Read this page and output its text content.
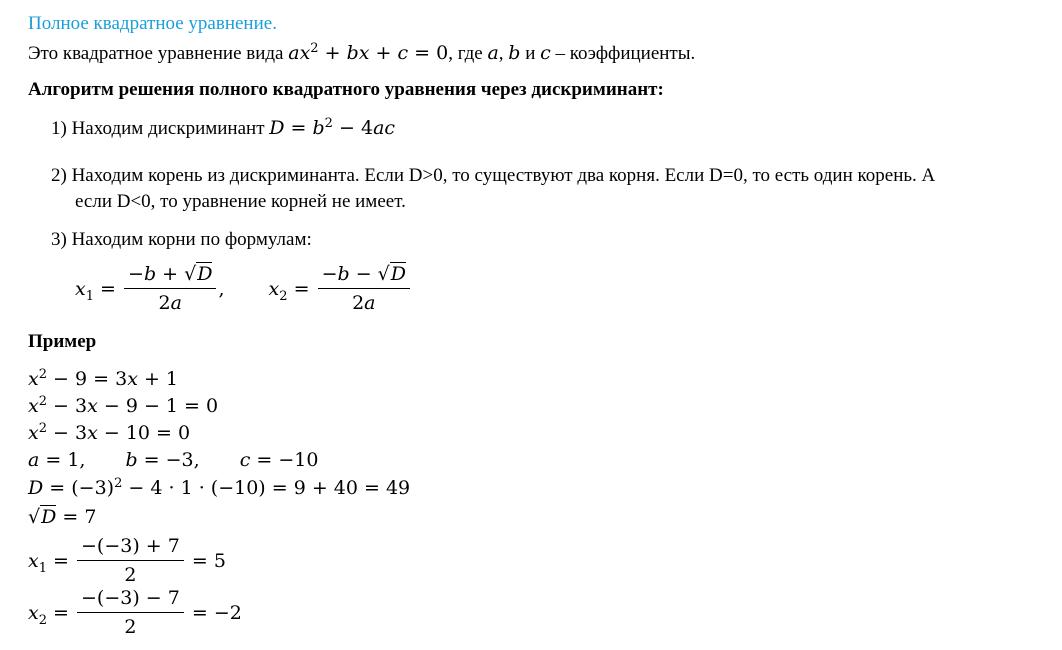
Полное квадратное уравнение.
Это квадратное уравнение вида $ax^2$ + bx + c = 0, где a, b и c – коэффициенты.
Алгоритм решения полного квадратного уравнения через дискриминант:
1) Находим дискриминант $D = b^2 - 4ac$
2) Находим корень из дискриминанта. Если D>0, то существуют два корня. Если D=0, то есть один корень. А
если D<0, то уравнение корней не имеет.
3) Находим корни по формулам:
$x_1 = \frac{-b + √D}{2a}$ , $x_2 = \frac{-b - √D}{2a}$
Пример
$x^2 - 9 = 3x + 1$
$x^2 - 3x - 9 - 1 = 0$
$x^2 - 3x - 10 = 0$
a = 1, b = −3, c = −10
$D = (-3)^2 - 4 \cdot 1 \cdot (-10) = 9 + 40 = 49$
√D = 7
$x_1 = \frac{-(-3) + 7}{2} = 5$
$x_2 = \frac{-(-3) - 7}{2} = -2$
